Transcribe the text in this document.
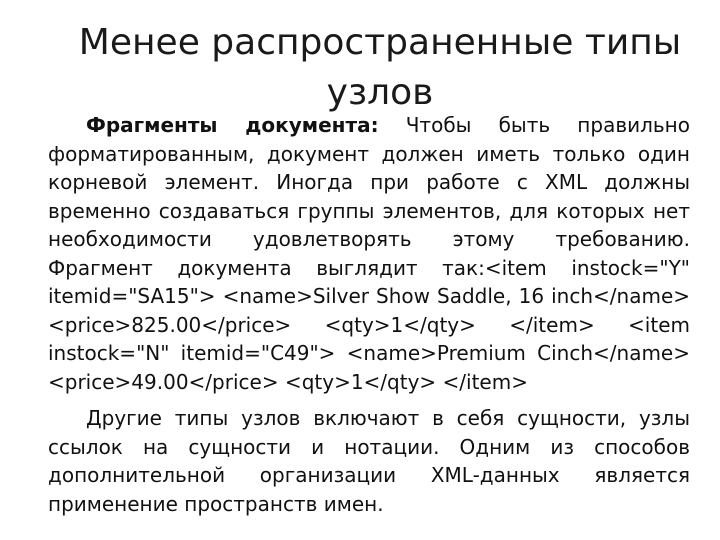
Менее распространенные типы узлов

Фрагменты документа: Чтобы быть правильно форматированным, документ должен иметь только один корневой элемент. Иногда при работе с XML должны временно создаваться группы элементов, для которых нет необходимости удовлетворять этому требованию. Фрагмент документа выглядит так:<item instock="Y" itemid="SA15"> <name>Silver Show Saddle, 16 inch</name> <price>825.00</price> <qty>1</qty> </item> <item instock="N" itemid="C49"> <name>Premium Cinch</name> <price>49.00</price> <qty>1</qty> </item>

Другие типы узлов включают в себя сущности, узлы ссылок на сущности и нотации. Одним из способов дополнительной организации XML-данных является применение пространств имен.
